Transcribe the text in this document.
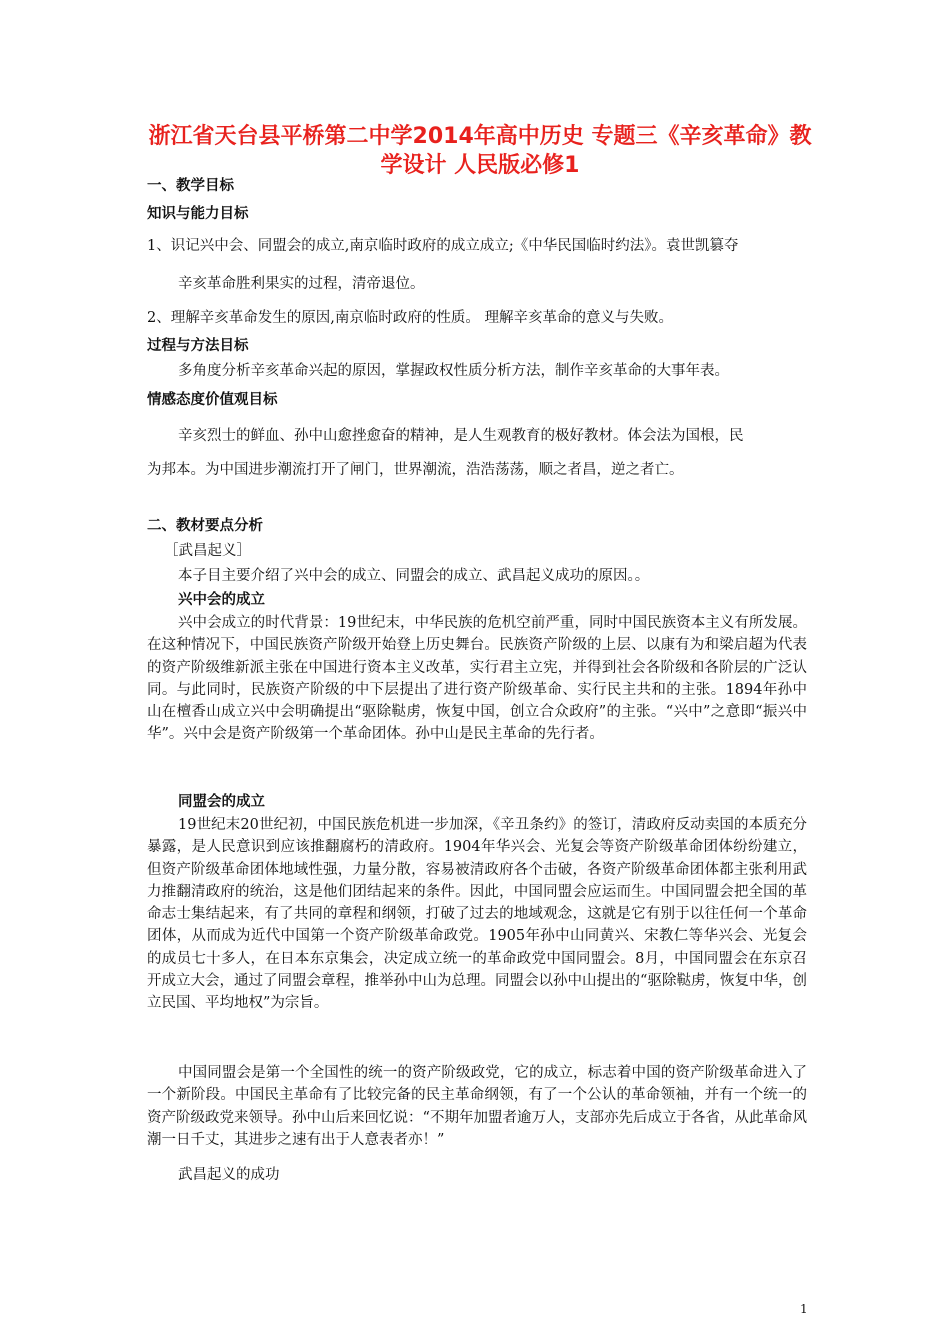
浙江省天台县平桥第二中学2014年高中历史 专题三《辛亥革命》教学设计 人民版必修1
一、教学目标
知识与能力目标
1、识记兴中会、同盟会的成立,南京临时政府的成立成立;《中华民国临时约法》。袁世凯篡夺
辛亥革命胜利果实的过程，清帝退位。
2、理解辛亥革命发生的原因,南京临时政府的性质。 理解辛亥革命的意义与失败。
过程与方法目标
多角度分析辛亥革命兴起的原因，掌握政权性质分析方法，制作辛亥革命的大事年表。
情感态度价值观目标
辛亥烈士的鲜血、孙中山愈挫愈奋的精神，是人生观教育的极好教材。体会法为国根，民
为邦本。为中国进步潮流打开了闸门，世界潮流，浩浩荡荡，顺之者昌，逆之者亡。
二、教材要点分析
［武昌起义］
本子目主要介绍了兴中会的成立、同盟会的成立、武昌起义成功的原因。。
兴中会的成立
兴中会成立的时代背景：19世纪末，中华民族的危机空前严重，同时中国民族资本主义有所发展。在这种情况下，中国民族资产阶级开始登上历史舞台。民族资产阶级的上层、以康有为和梁启超为代表的资产阶级维新派主张在中国进行资本主义改革，实行君主立宪，并得到社会各阶级和各阶层的广泛认同。与此同时，民族资产阶级的中下层提出了进行资产阶级革命、实行民主共和的主张。1894年孙中山在檀香山成立兴中会明确提出“驱除鞑虏，恢复中国，创立合众政府”的主张。“兴中”之意即“振兴中华”。兴中会是资产阶级第一个革命团体。孙中山是民主革命的先行者。
同盟会的成立
19世纪末20世纪初，中国民族危机进一步加深，《辛丑条约》的签订，清政府反动卖国的本质充分暴露，是人民意识到应该推翻腐朽的清政府。1904年华兴会、光复会等资产阶级革命团体纷纷建立，但资产阶级革命团体地域性强，力量分散，容易被清政府各个击破，各资产阶级革命团体都主张利用武力推翻清政府的统治，这是他们团结起来的条件。因此，中国同盟会应运而生。中国同盟会把全国的革命志士集结起来，有了共同的章程和纲领，打破了过去的地域观念，这就是它有别于以往任何一个革命团体，从而成为近代中国第一个资产阶级革命政党。1905年孙中山同黄兴、宋教仁等华兴会、光复会的成员七十多人，在日本东京集会，决定成立统一的革命政党中国同盟会。8月，中国同盟会在东京召开成立大会，通过了同盟会章程，推举孙中山为总理。同盟会以孙中山提出的“驱除鞑虏，恢复中华，创立民国、平均地权”为宗旨。
中国同盟会是第一个全国性的统一的资产阶级政党，它的成立，标志着中国的资产阶级革命进入了一个新阶段。中国民主革命有了比较完备的民主革命纲领，有了一个公认的革命领袖，并有一个统一的资产阶级政党来领导。孙中山后来回忆说：“不期年加盟者逾万人，支部亦先后成立于各省，从此革命风潮一日千丈，其进步之速有出于人意表者亦！”
武昌起义的成功
1
